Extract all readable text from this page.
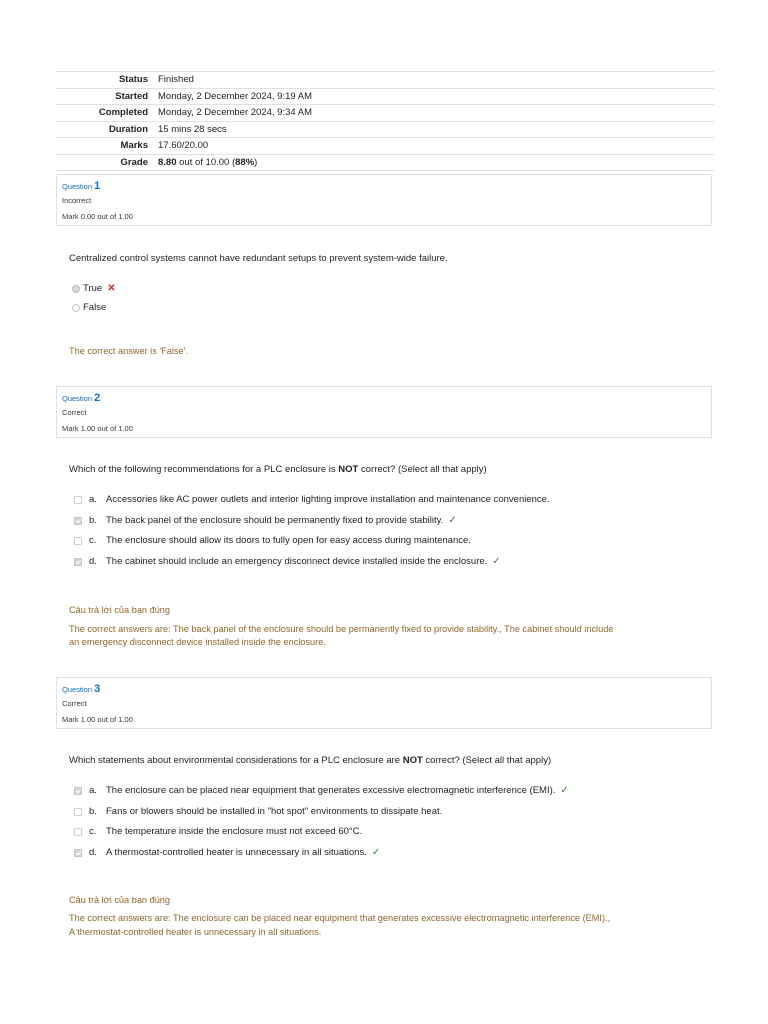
Status	Finished
Started	Monday, 2 December 2024, 9:19 AM
Completed	Monday, 2 December 2024, 9:34 AM
Duration	15 mins 28 secs
Marks	17.60/20.00
Grade	8.80 out of 10.00 (88%)
Question 1
Incorrect
Mark 0.00 out of 1.00
Centralized control systems cannot have redundant setups to prevent system-wide failure.
True ✕
False
The correct answer is 'False'.
Question 2
Correct
Mark 1.00 out of 1.00
Which of the following recommendations for a PLC enclosure is NOT correct? (Select all that apply)
a. Accessories like AC power outlets and interior lighting improve installation and maintenance convenience.
b. The back panel of the enclosure should be permanently fixed to provide stability. ✓
c.	The enclosure should allow its doors to fully open for easy access during maintenance.
d. The cabinet should include an emergency disconnect device installed inside the enclosure. ✓
Câu trả lời của bạn đúng
The correct answers are: The back panel of the enclosure should be permanently fixed to provide stability., The cabinet should include
an emergency disconnect device installed inside the enclosure.
Question 3
Correct
Mark 1.00 out of 1.00
Which statements about environmental considerations for a PLC enclosure are NOT correct? (Select all that apply)
a. The enclosure can be placed near equipment that generates excessive electromagnetic interference (EMI). ✓
b. Fans or blowers should be installed in "hot spot" environments to dissipate heat.
c.	The temperature inside the enclosure must not exceed 60°C.
d. A thermostat-controlled heater is unnecessary in all situations. ✓
Câu trả lời của bạn đúng
The correct answers are: The enclosure can be placed near equipment that generates excessive electromagnetic interference (EMI).,
A thermostat-controlled heater is unnecessary in all situations.
